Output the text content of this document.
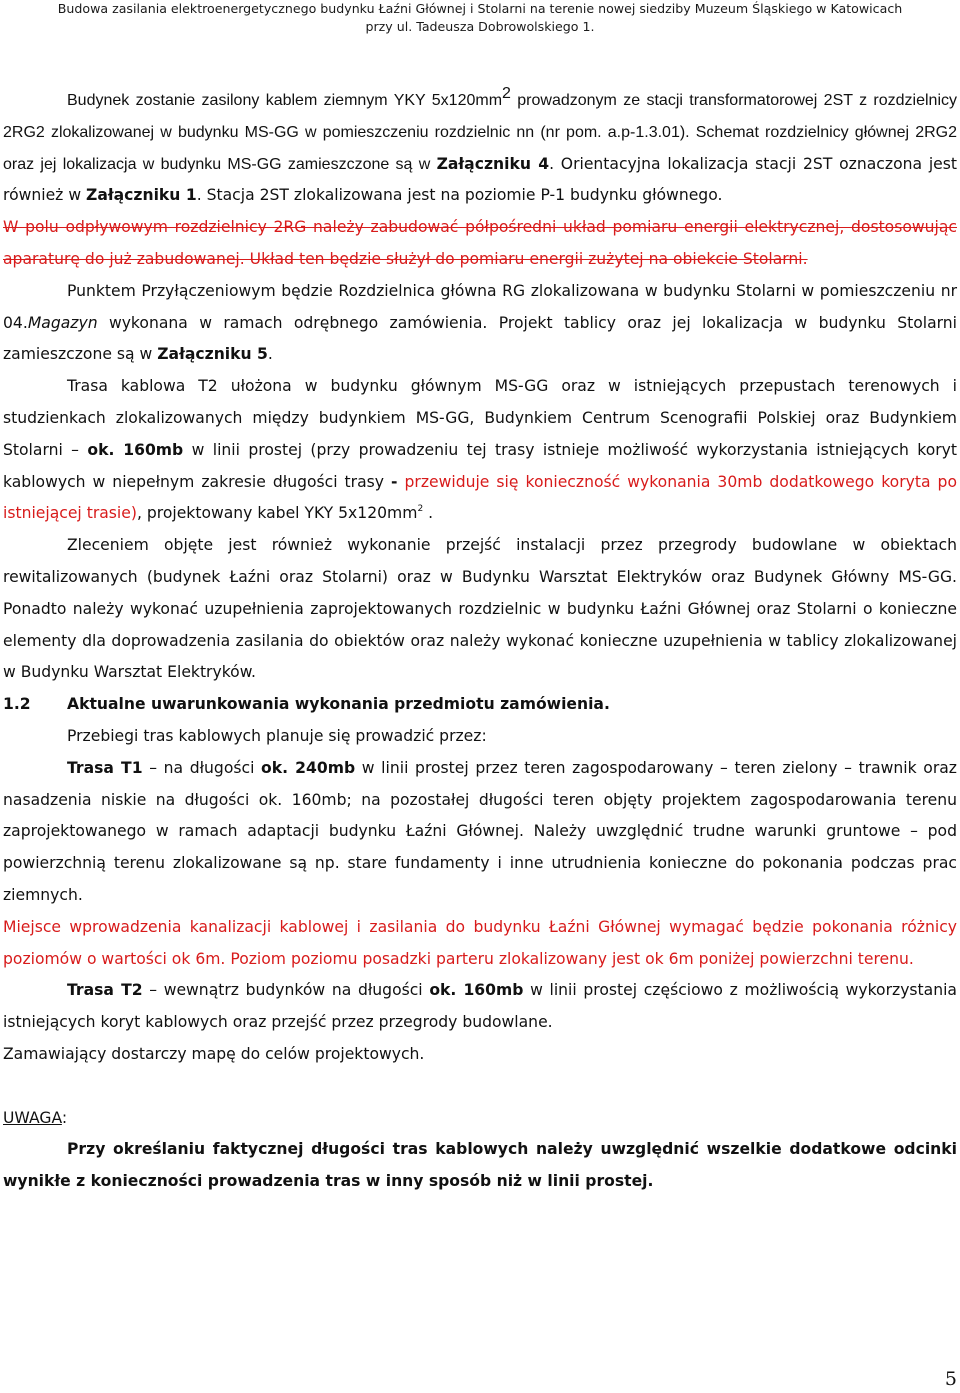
Budowa zasilania elektroenergetycznego budynku Łaźni Głównej i Stolarni na terenie nowej siedziby Muzeum Śląskiego w Katowicach
przy ul. Tadeusza Dobrowolskiego 1.

Budynek zostanie zasilony kablem ziemnym YKY $5x120mm^2$ prowadzonym ze stacji transformatorowej 2ST z rozdzielnicy 2RG2 zlokalizowanej w budynku MS-GG w pomieszczeniu rozdzielnic nn (nr pom. a.p-1.3.01). Schemat rozdzielnicy głównej 2RG2 oraz jej lokalizacja w budynku MS-GG zamieszczone są w Załączniku 4. Orientacyjna lokalizacja stacji 2ST oznaczona jest również w Załączniku 1. Stacja 2ST zlokalizowana jest na poziomie P-1 budynku głównego.

W polu odpływowym rozdzielnicy 2RG należy zabudować półpośredni układ pomiaru energii elektrycznej, dostosowując aparaturę do już zabudowanej. Układ ten będzie służył do pomiaru energii zużytej na obiekcie Stolarni.

Punktem Przyłączeniowym będzie Rozdzielnica główna RG zlokalizowana w budynku Stolarni w pomieszczeniu nr 04.Magazyn wykonana w ramach odrębnego zamówienia. Projekt tablicy oraz jej lokalizacja w budynku Stolarni zamieszczone są w Załączniku 5.

Trasa kablowa T2 ułożona w budynku głównym MS-GG oraz w istniejących przepustach terenowych i studzienkach zlokalizowanych między budynkiem MS-GG, Budynkiem Centrum Scenografii Polskiej oraz Budynkiem Stolarni – ok. 160mb w linii prostej (przy prowadzeniu tej trasy istnieje możliwość wykorzystania istniejących koryt kablowych w niepełnym zakresie długości trasy - przewiduje się konieczność wykonania 30mb dodatkowego koryta po istniejącej trasie), projektowany kabel YKY $5x120mm^2$ .

Zleceniem objęte jest również wykonanie przejść instalacji przez przegrody budowlane w obiektach rewitalizowanych (budynek Łaźni oraz Stolarni) oraz w Budynku Warsztat Elektryków oraz Budynek Główny MS-GG. Ponadto należy wykonać uzupełnienia zaprojektowanych rozdzielnic w budynku Łaźni Głównej oraz Stolarni o konieczne elementy dla doprowadzenia zasilania do obiektów oraz należy wykonać konieczne uzupełnienia w tablicy zlokalizowanej w Budynku Warsztat Elektryków.

1.2 Aktualne uwarunkowania wykonania przedmiotu zamówienia.

Przebiegi tras kablowych planuje się prowadzić przez:

Trasa T1 – na długości ok. 240mb w linii prostej przez teren zagospodarowany – teren zielony – trawnik oraz nasadzenia niskie na długości ok. 160mb; na pozostałej długości teren objęty projektem zagospodarowania terenu zaprojektowanego w ramach adaptacji budynku Łaźni Głównej. Należy uwzględnić trudne warunki gruntowe – pod powierzchnią terenu zlokalizowane są np. stare fundamenty i inne utrudnienia konieczne do pokonania podczas prac ziemnych.

Miejsce wprowadzenia kanalizacji kablowej i zasilania do budynku Łaźni Głównej wymagać będzie pokonania różnicy poziomów o wartości ok 6m. Poziom poziomu posadzki parteru zlokalizowany jest ok 6m poniżej powierzchni terenu.

Trasa T2 – wewnątrz budynków na długości ok. 160mb w linii prostej częściowo z możliwością wykorzystania istniejących koryt kablowych oraz przejść przez przegrody budowlane.

Zamawiający dostarczy mapę do celów projektowych.

UWAGA:

Przy określaniu faktycznej długości tras kablowych należy uwzględnić wszelkie dodatkowe odcinki wynikłe z konieczności prowadzenia tras w inny sposób niż w linii prostej.

5
